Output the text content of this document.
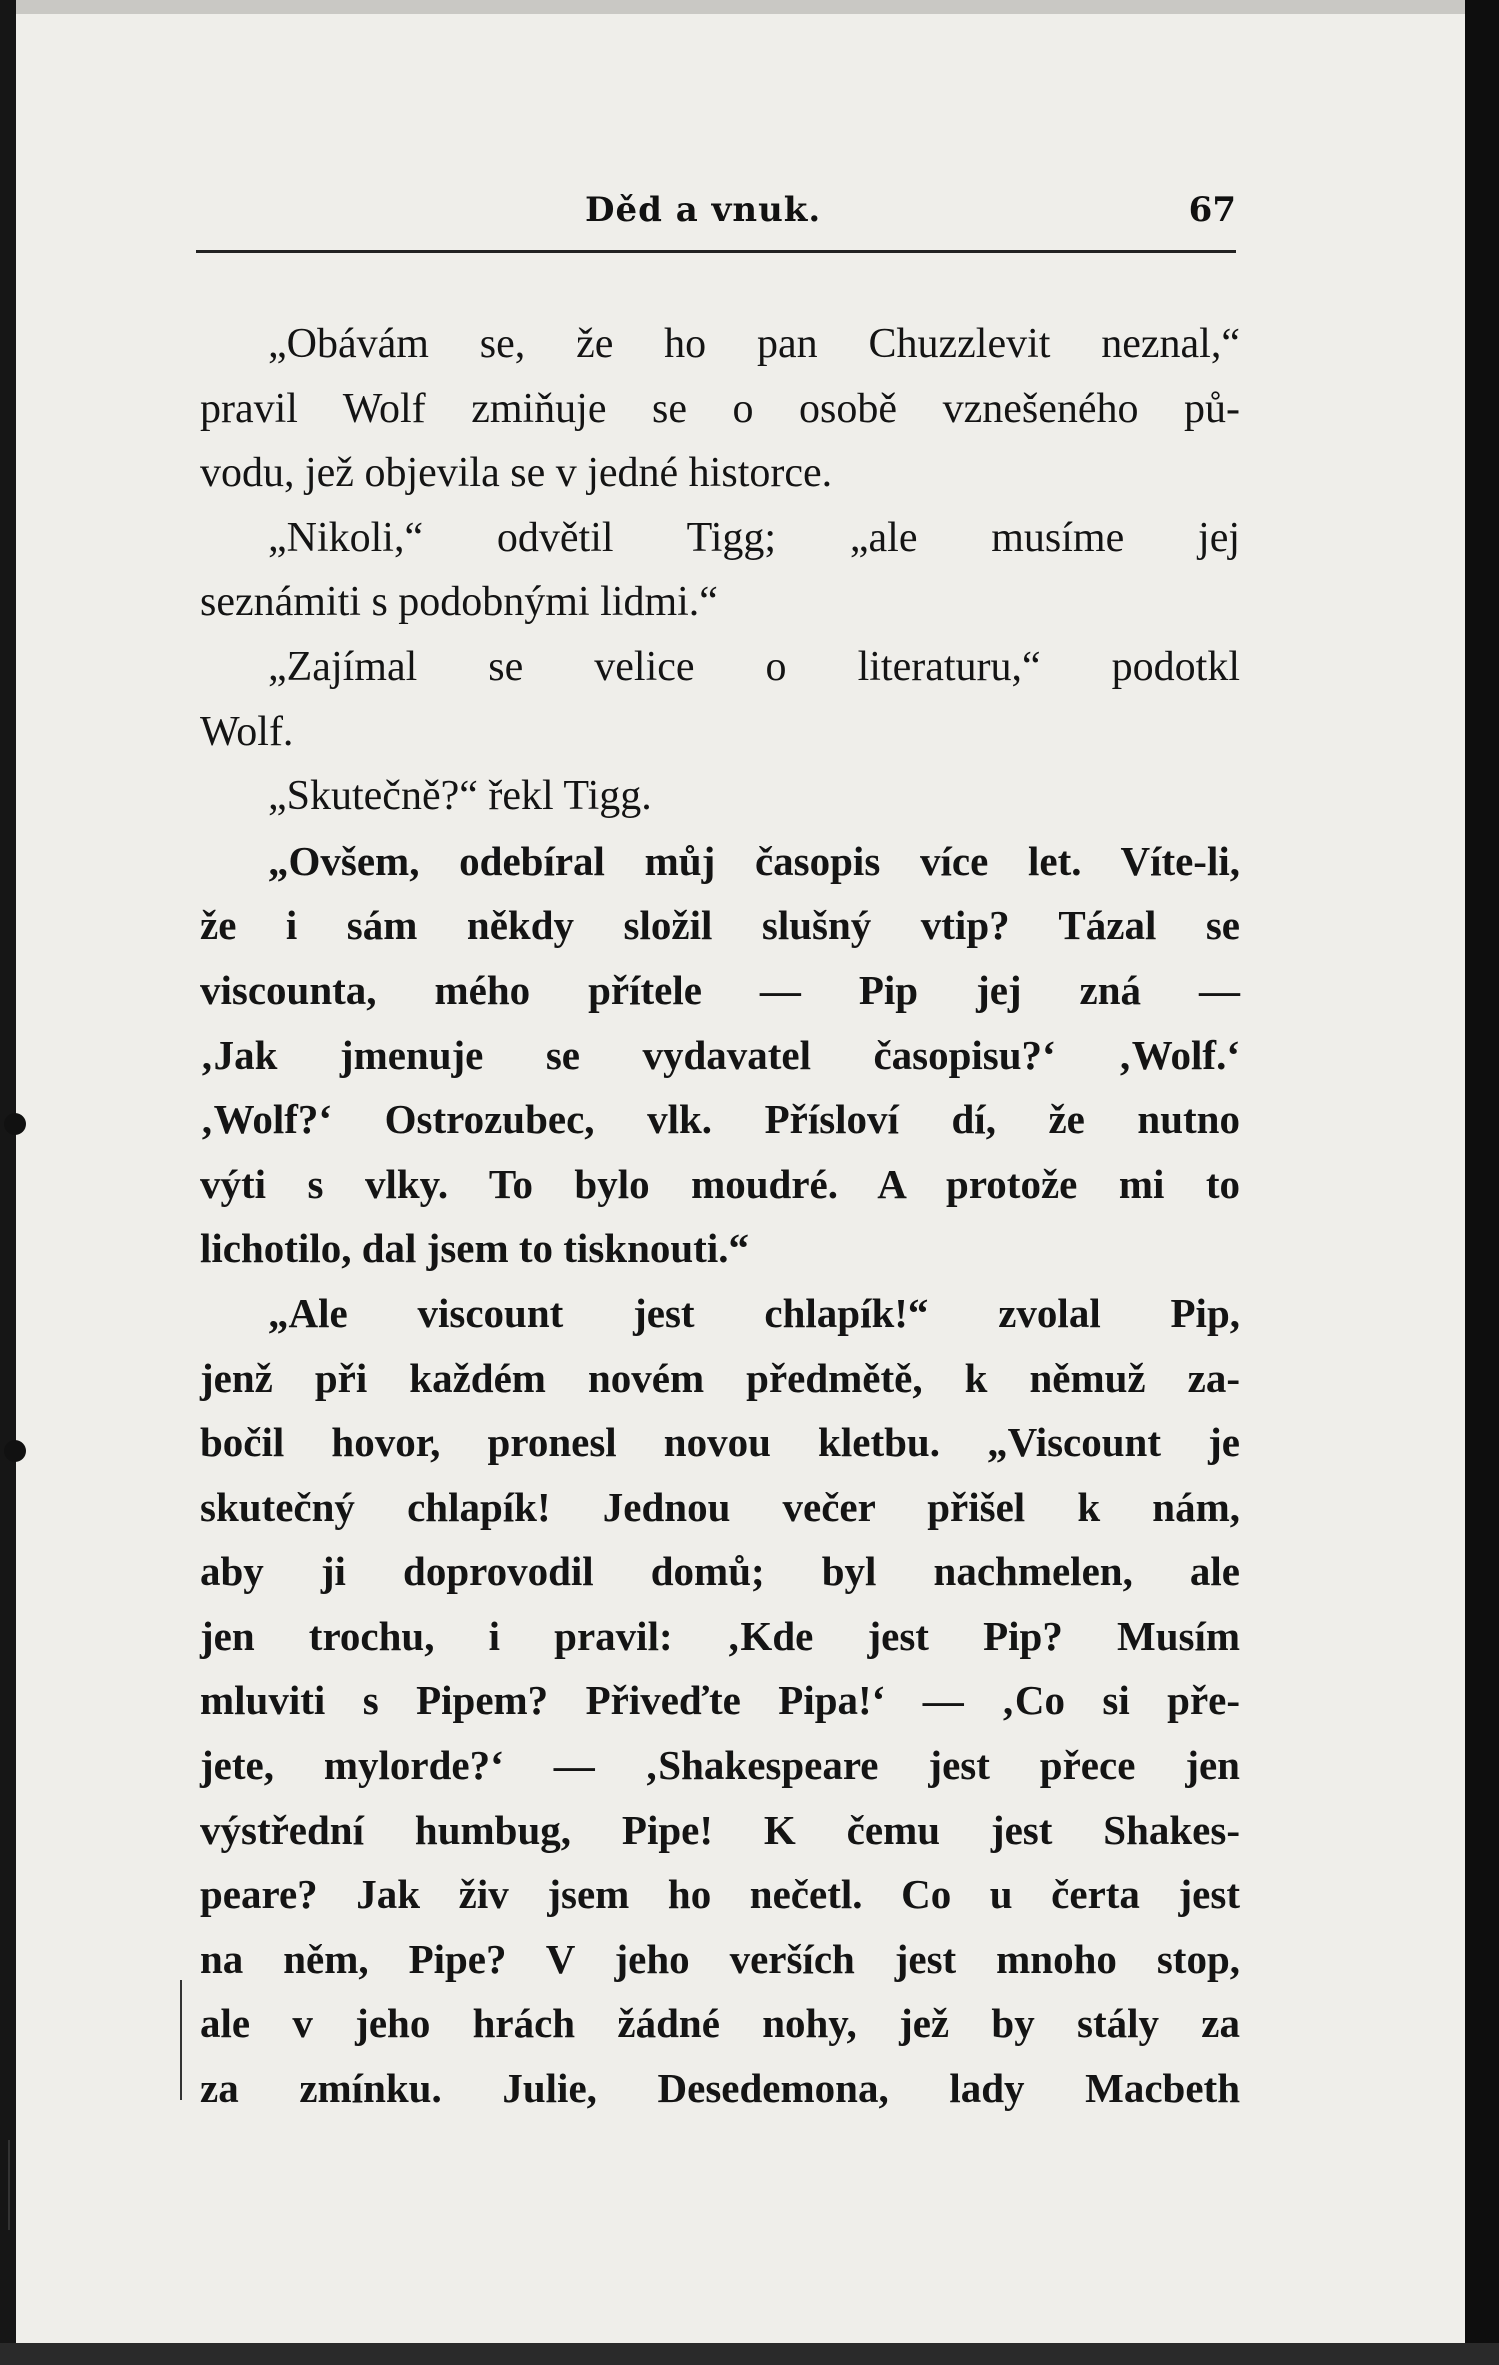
Děd a vnuk.	67
„Obávám se, že ho pan Chuzzlevit neznal,“
pravil Wolf zmiňuje se o osobě vznešeného pů-
vodu, jež objevila se v jedné historce.
„Nikoli,“ odvětil Tigg; „ale musíme jej
seznámiti s podobnými lidmi.“
„Zajímal se velice o literaturu,“ podotkl
Wolf.
„Skutečně?“ řekl Tigg.
„Ovšem, odebíral můj časopis více let. Víte-li,
že i sám někdy složil slušný vtip? Tázal se
viscounta, mého přítele — Pip jej zná —
‚Jak jmenuje se vydavatel časopisu?‘ ‚Wolf.‘
‚Wolf?‘ Ostrozubec, vlk. Přísloví dí, že nutno
výti s vlky. To bylo moudré. A protože mi to
lichotilo, dal jsem to tisknouti.“
„Ale viscount jest chlapík!“ zvolal Pip,
jenž při každém novém předmětě, k němuž za-
bočil hovor, pronesl novou kletbu. „Viscount je
skutečný chlapík! Jednou večer přišel k nám,
aby ji doprovodil domů; byl nachmelen, ale
jen trochu, i pravil: ‚Kde jest Pip? Musím
mluviti s Pipem? Přiveďte Pipa!‘ — ‚Co si pře-
jete, mylorde?‘ — ‚Shakespeare jest přece jen
výstřední humbug, Pipe! K čemu jest Shakes-
peare? Jak živ jsem ho nečetl. Co u čerta jest
na něm, Pipe? V jeho verších jest mnoho stop,
ale v jeho hrách žádné nohy, jež by stály za
za zmínku. Julie, Desedemona, lady Macbeth
